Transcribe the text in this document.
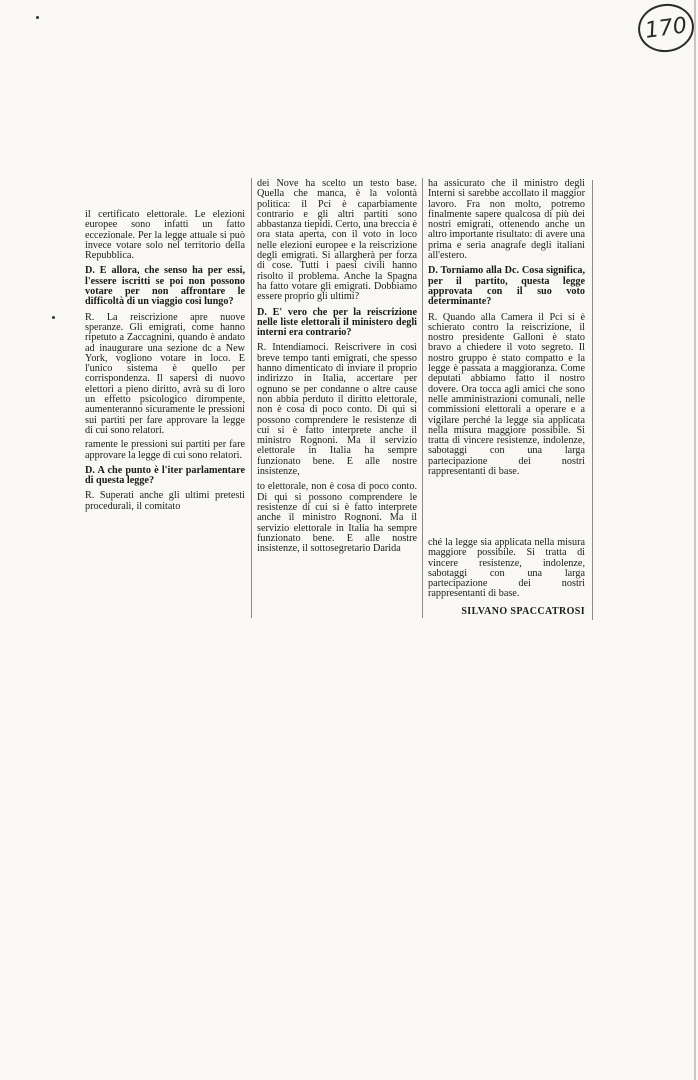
170

il certificato elettorale. Le elezioni europee sono infatti un fatto eccezionale. Per la legge attuale si può invece votare solo nel territorio della Repubblica.

D. E allora, che senso ha per essi, l'essere iscritti se poi non possono votare per non affrontare le difficoltà di un viaggio così lungo?

R. La reiscrizione apre nuove speranze. Gli emigrati, come hanno ripetuto a Zaccagnini, quando è andato ad inaugurare una sezione dc a New York, vogliono votare in loco. E l'unico sistema è quello per corrispondenza. Il sapersi di nuovo elettori a pieno diritto, avrà su di loro un effetto psicologico dirompente, aumenteranno sicuramente le pressioni sui partiti per fare approvare la legge di cui sono relatori.

ramente le pressioni sui partiti per fare approvare la legge di cui sono relatori.

D. A che punto è l'iter parlamentare di questa legge?

R. Superati anche gli ultimi pretesti procedurali, il comitato

dei Nove ha scelto un testo base. Quella che manca, è la volontà politica: il Pci è caparbiamente contrario e gli altri partiti sono abbastanza tiepidi. Certo, una breccia è ora stata aperta, con il voto in loco nelle elezioni europee e la reiscrizione degli emigrati. Si allargherà per forza di cose. Tutti i paesi civili hanno risolto il problema. Anche la Spagna ha fatto votare gli emigrati. Dobbiamo essere proprio gli ultimi?

D. E' vero che per la reiscrizione nelle liste elettorali il ministero degli interni era contrario?

R. Intendiamoci. Reiscrivere in così breve tempo tanti emigrati, che spesso hanno dimenticato di inviare il proprio indirizzo in Italia, accertare per ognuno se per condanne o altre cause non abbia perduto il diritto elettorale, non è cosa di poco conto. Di qui si possono comprendere le resistenze di cui si è fatto interprete anche il ministro Rognoni. Ma il servizio elettorale in Italia ha sempre funzionato bene. E alle nostre insistenze,

to elettorale, non è cosa di poco conto. Di qui si possono comprendere le resistenze di cui si è fatto interprete anche il ministro Rognoni. Ma il servizio elettorale in Italia ha sempre funzionato bene. E alle nostre insistenze, il sottosegretario Darida

ha assicurato che il ministro degli Interni si sarebbe accollato il maggior lavoro. Fra non molto, potremo finalmente sapere qualcosa di più dei nostri emigrati, ottenendo anche un altro importante risultato: di avere una prima e seria anagrafe degli italiani all'estero.

D. Torniamo alla Dc. Cosa significa, per il partito, questa legge approvata con il suo voto determinante?

R. Quando alla Camera il Pci si è schierato contro la reiscrizione, il nostro presidente Galloni è stato bravo a chiedere il voto segreto. Il nostro gruppo è stato compatto e la legge è passata a maggioranza. Come deputati abbiamo fatto il nostro dovere. Ora tocca agli amici che sono nelle amministrazioni comunali, nelle commissioni elettorali a operare e a vigilare perché la legge sia applicata nella misura maggiore possibile. Si tratta di vincere resistenze, indolenze, sabotaggi con una larga partecipazione dei nostri rappresentanti di base.

ché la legge sia applicata nella misura maggiore possibile. Si tratta di vincere resistenze, indolenze, sabotaggi con una larga partecipazione dei nostri rappresentanti di base.

SILVANO SPACCATROSI
